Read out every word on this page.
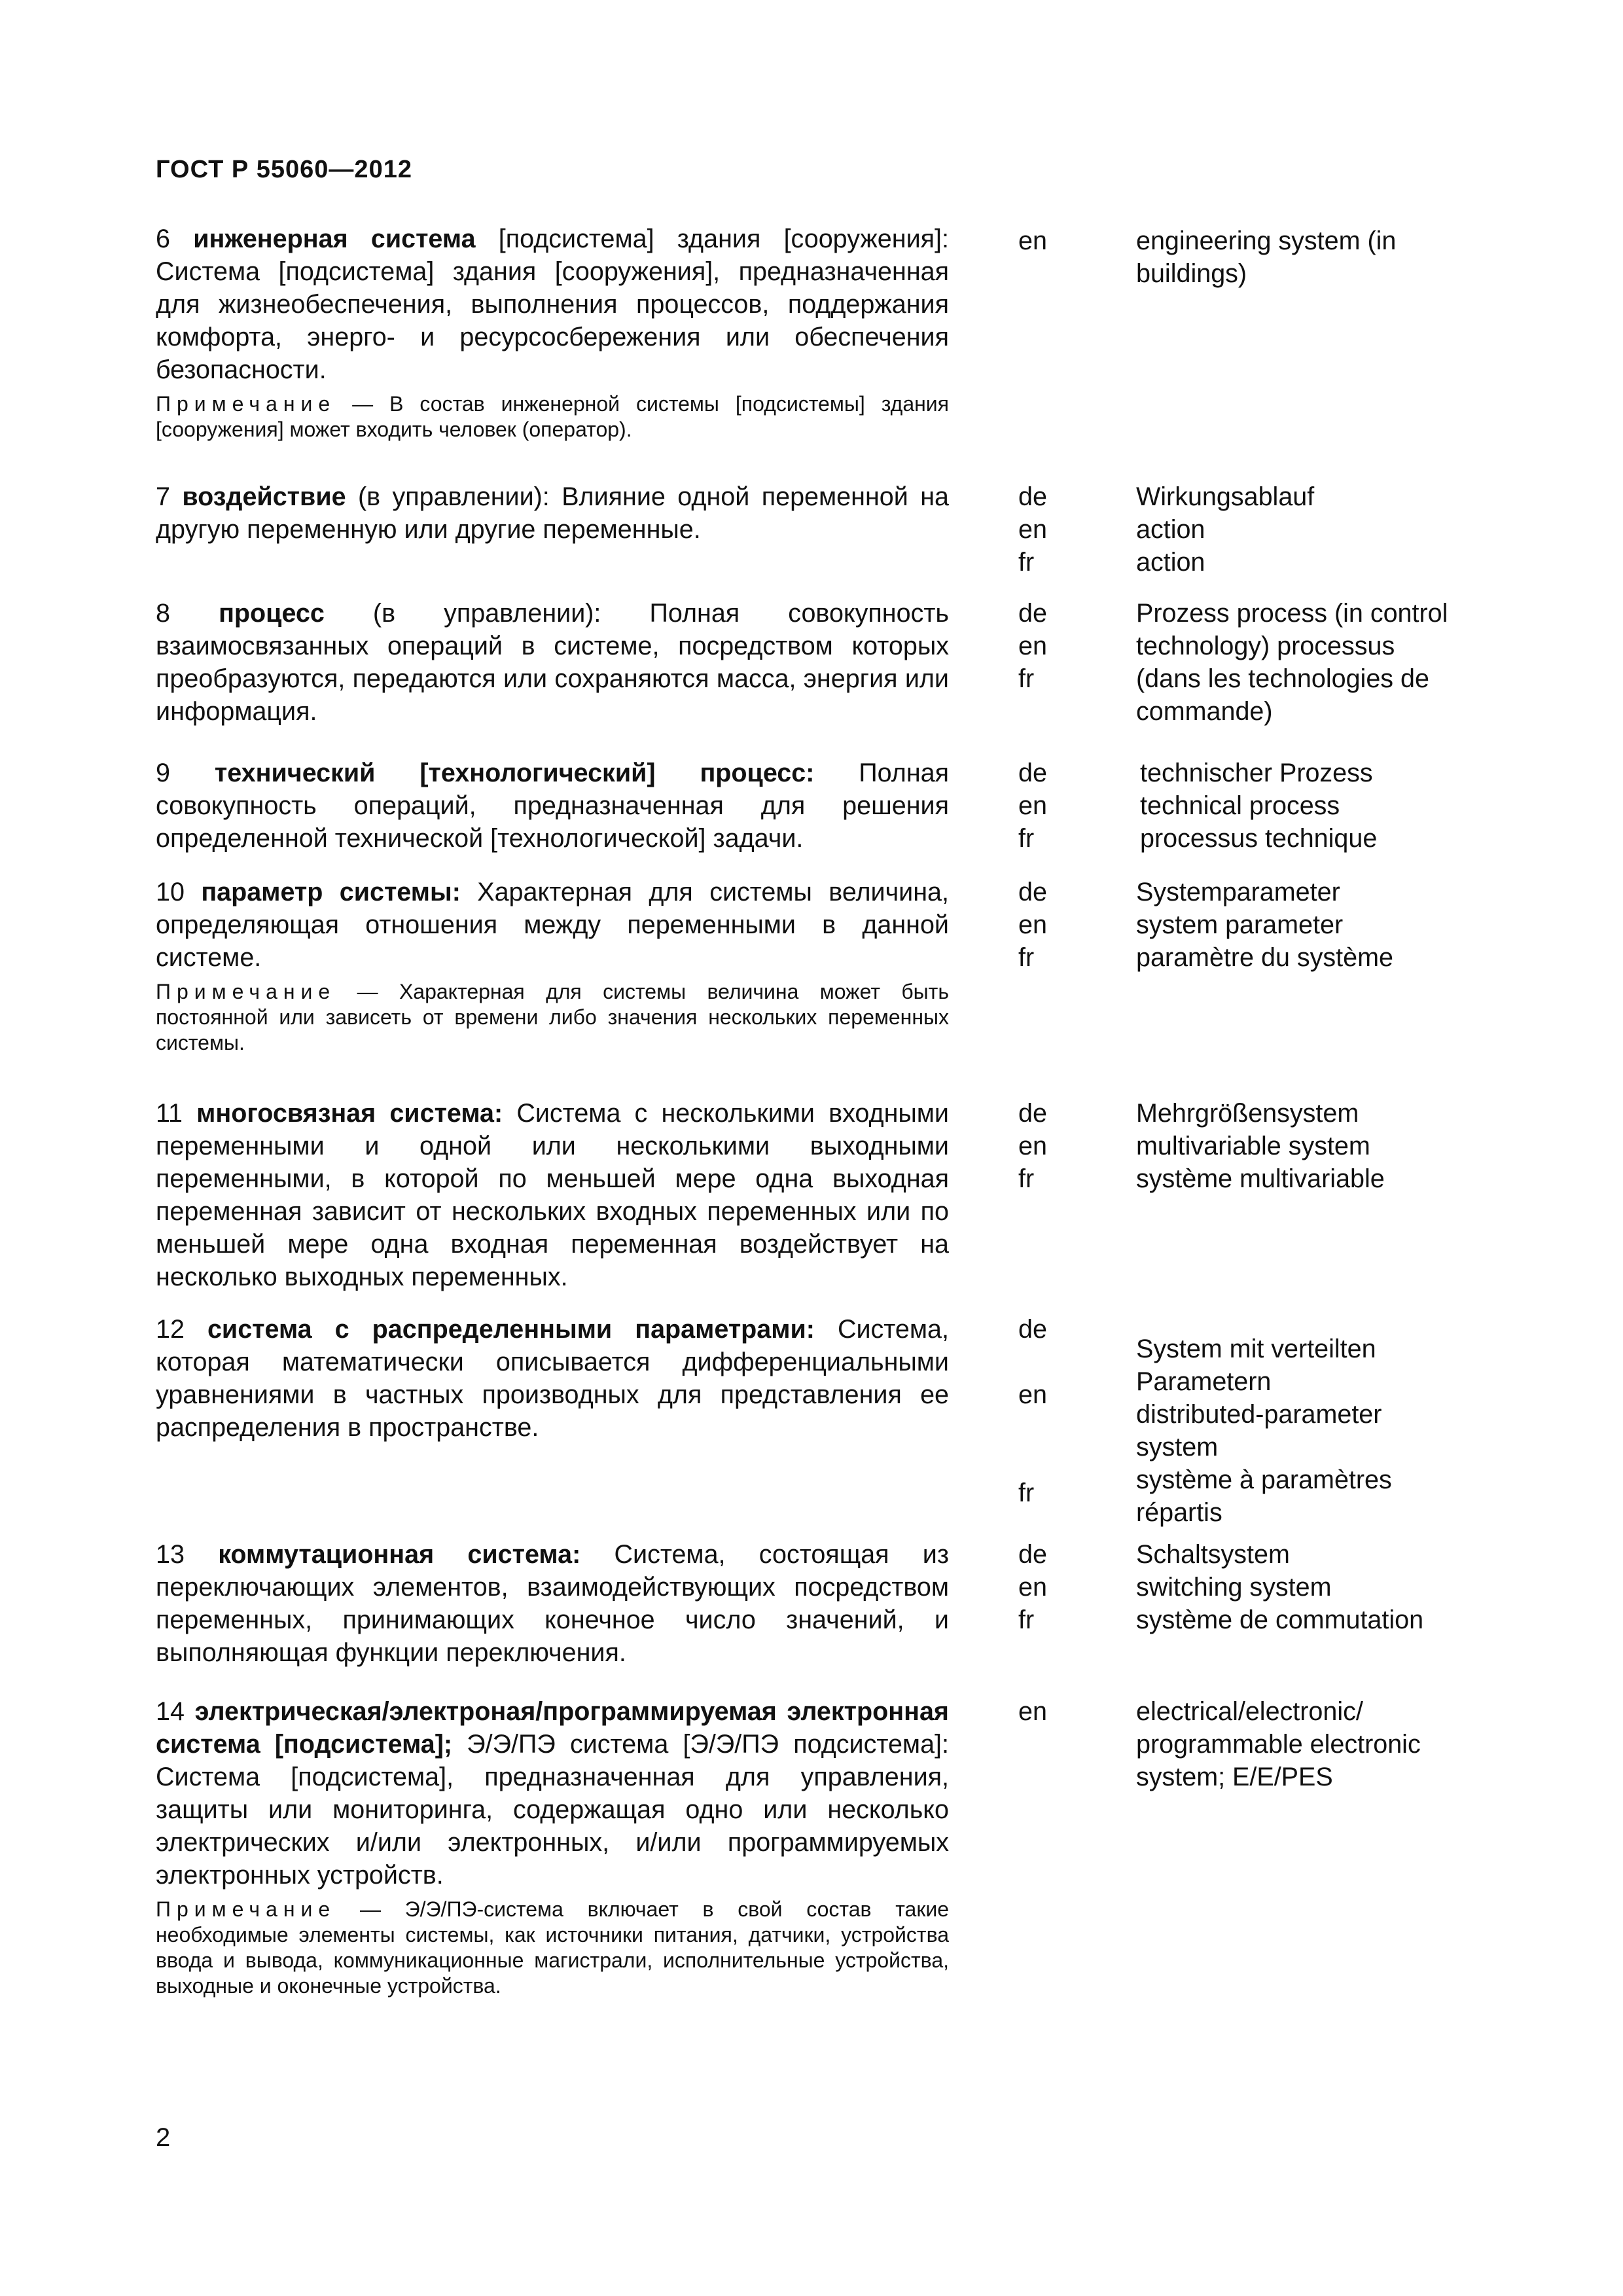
ГОСТ Р 55060—2012
6 инженерная система [подсистема] здания [сооружения]: Система [подсистема] здания [сооружения], предназначенная для жизнеобеспечения, выполнения процессов, поддержания комфорта, энерго- и ресурсосбережения или обеспечения безопасности.
Примечание — В состав инженерной системы [подсистемы] здания [сооружения] может входить человек (оператор).
en	engineering system (in
buildings)
7 воздействие (в управлении): Влияние одной переменной на другую переменную или другие переменные.
de
en
fr
Wirkungsablauf
action
action
8 процесс (в управлении): Полная совокупность взаимосвязанных операций в системе, посредством которых преобразуются, передаются или сохраняются масса, энергия или информация.
de
en
fr
Prozess process (in control
technology) processus
(dans les technologies de
commande)
9 технический [технологический] процесс: Полная совокупность операций, предназначенная для решения определенной технической [технологической] задачи.
de
en
fr
technischer Prozess
technical process
processus technique
10 параметр системы: Характерная для системы величина, определяющая отношения между переменными в данной системе.
Примечание — Характерная для системы величина может быть постоянной или зависеть от времени либо значения нескольких переменных системы.
de
en
fr
Systemparameter
system parameter
paramètre du système
11 многосвязная система: Система с несколькими входными переменными и одной или несколькими выходными переменными, в которой по меньшей мере одна выходная переменная зависит от нескольких входных переменных или по меньшей мере одна входная переменная воздействует на несколько выходных переменных.
de
en
fr
Mehrgrößensystem
multivariable system
système multivariable
12 система с распределенными параметрами: Система, которая математически описывается дифференциальными уравнениями в частных производных для представления ее распределения в пространстве.
de
en
fr
System mit verteilten
Parametern
distributed-parameter
system
système à paramètres
répartis
13 коммутационная система: Система, состоящая из переключающих элементов, взаимодействующих посредством переменных, принимающих конечное число значений, и выполняющая функции переключения.
de
en
fr
Schaltsystem
switching system
système de commutation
14 электрическая/электроная/программируемая электронная система [подсистема]; Э/Э/ПЭ система [Э/Э/ПЭ подсистема]: Система [подсистема], предназначенная для управления, защиты или мониторинга, содержащая одно или несколько электрических и/или электронных, и/или программируемых электронных устройств.
Примечание — Э/Э/ПЭ-система включает в свой состав такие необходимые элементы системы, как источники питания, датчики, устройства ввода и вывода, коммуникационные магистрали, исполнительные устройства, выходные и оконечные устройства.
en	electrical/electronic/
programmable electronic
system; E/E/PES
2
